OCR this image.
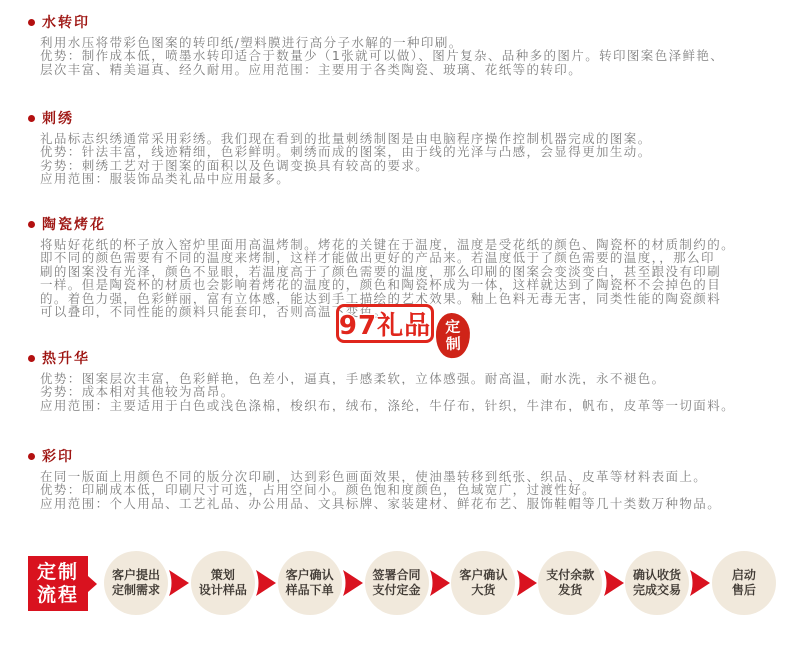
水转印
利用水压将带彩色图案的转印纸/塑料膜进行高分子水解的一种印刷。
优势：制作成本低，喷墨水转印适合于数量少（1张就可以做）、图片复杂、品种多的图片。转印图案色泽鲜艳、
层次丰富、精美逼真、经久耐用。应用范围：主要用于各类陶瓷、玻璃、花纸等的转印。
刺绣
礼品标志织绣通常采用彩绣。我们现在看到的批量刺绣制图是由电脑程序操作控制机器完成的图案。
优势：针法丰富，线迹精细，色彩鲜明。刺绣而成的图案，由于线的光泽与凸感，会显得更加生动。
劣势：刺绣工艺对于图案的面积以及色调变换具有较高的要求。
应用范围：服装饰品类礼品中应用最多。
陶瓷烤花
将贴好花纸的杯子放入窑炉里面用高温烤制。烤花的关键在于温度，温度是受花纸的颜色、陶瓷杯的材质制约的。
即不同的颜色需要有不同的温度来烤制，这样才能做出更好的产品来。若温度低于了颜色需要的温度，，那么印
刷的图案没有光泽，颜色不显眼，若温度高于了颜色需要的温度，那么印刷的图案会变淡变白，甚至跟没有印刷
一样。但是陶瓷杯的材质也会影响着烤花的温度的，颜色和陶瓷杯成为一体，这样就达到了陶瓷杯不会掉色的目
的。着色力强，色彩鲜丽，富有立体感，能达到手工描绘的艺术效果。釉上色料无毒无害，同类性能的陶瓷颜料
可以叠印，不同性能的颜料只能套印，否则高温下变色。
热升华
优势：图案层次丰富，色彩鲜艳，色差小，逼真，手感柔软，立体感强。耐高温，耐水洗，永不褪色。
劣势：成本相对其他较为高昂。
应用范围：主要适用于白色或浅色涤棉，梭织布，绒布，涤纶，牛仔布，针织，牛津布，帆布，皮革等一切面料。
彩印
在同一版面上用颜色不同的版分次印刷，达到彩色画面效果，使油墨转移到纸张、织品、皮革等材料表面上。
优势：印刷成本低，印刷尺寸可选，占用空间小。颜色饱和度颜色，色域宽广，过渡性好。
应用范围：个人用品、工艺礼品、办公用品、文具标牌、家装建材、鲜花布艺、服饰鞋帽等几十类数万种物品。
97礼品 定
制
定制
流程
客户提出
定制需求
策划
设计样品
客户确认
样品下单
签署合同
支付定金
客户确认
大货
支付余款
发货
确认收货
完成交易
启动
售后
